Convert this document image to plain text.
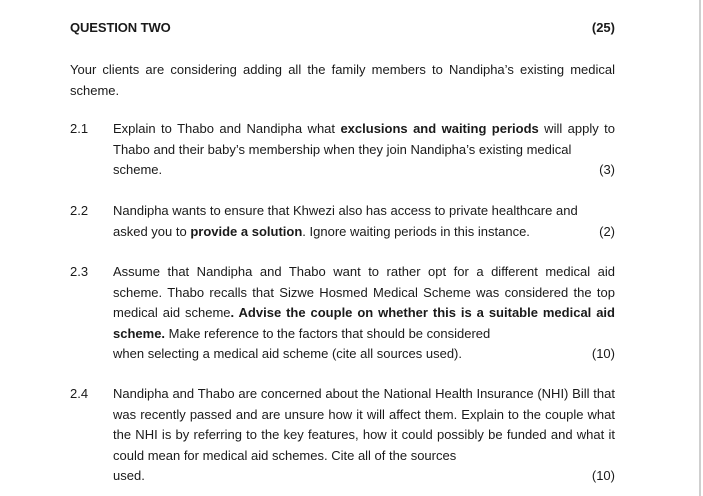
QUESTION TWO	(25)
Your clients are considering adding all the family members to Nandipha’s existing medical scheme.
2.1	Explain to Thabo and Nandipha what exclusions and waiting periods will apply to Thabo and their baby’s membership when they join Nandipha’s existing medical

scheme.	(3)
2.2	Nandipha wants to ensure that Khwezi also has access to private healthcare and

asked you to provide a solution. Ignore waiting periods in this instance.	(2)
2.3	Assume that Nandipha and Thabo want to rather opt for a different medical aid scheme. Thabo recalls that Sizwe Hosmed Medical Scheme was considered the top medical aid scheme. Advise the couple on whether this is a suitable medical aid scheme. Make reference to the factors that should be considered

when selecting a medical aid scheme (cite all sources used).	(10)
2.4	Nandipha and Thabo are concerned about the National Health Insurance (NHI) Bill that was recently passed and are unsure how it will affect them. Explain to the couple what the NHI is by referring to the key features, how it could possibly be funded and what it could mean for medical aid schemes. Cite all of the sources

used.	(10)
